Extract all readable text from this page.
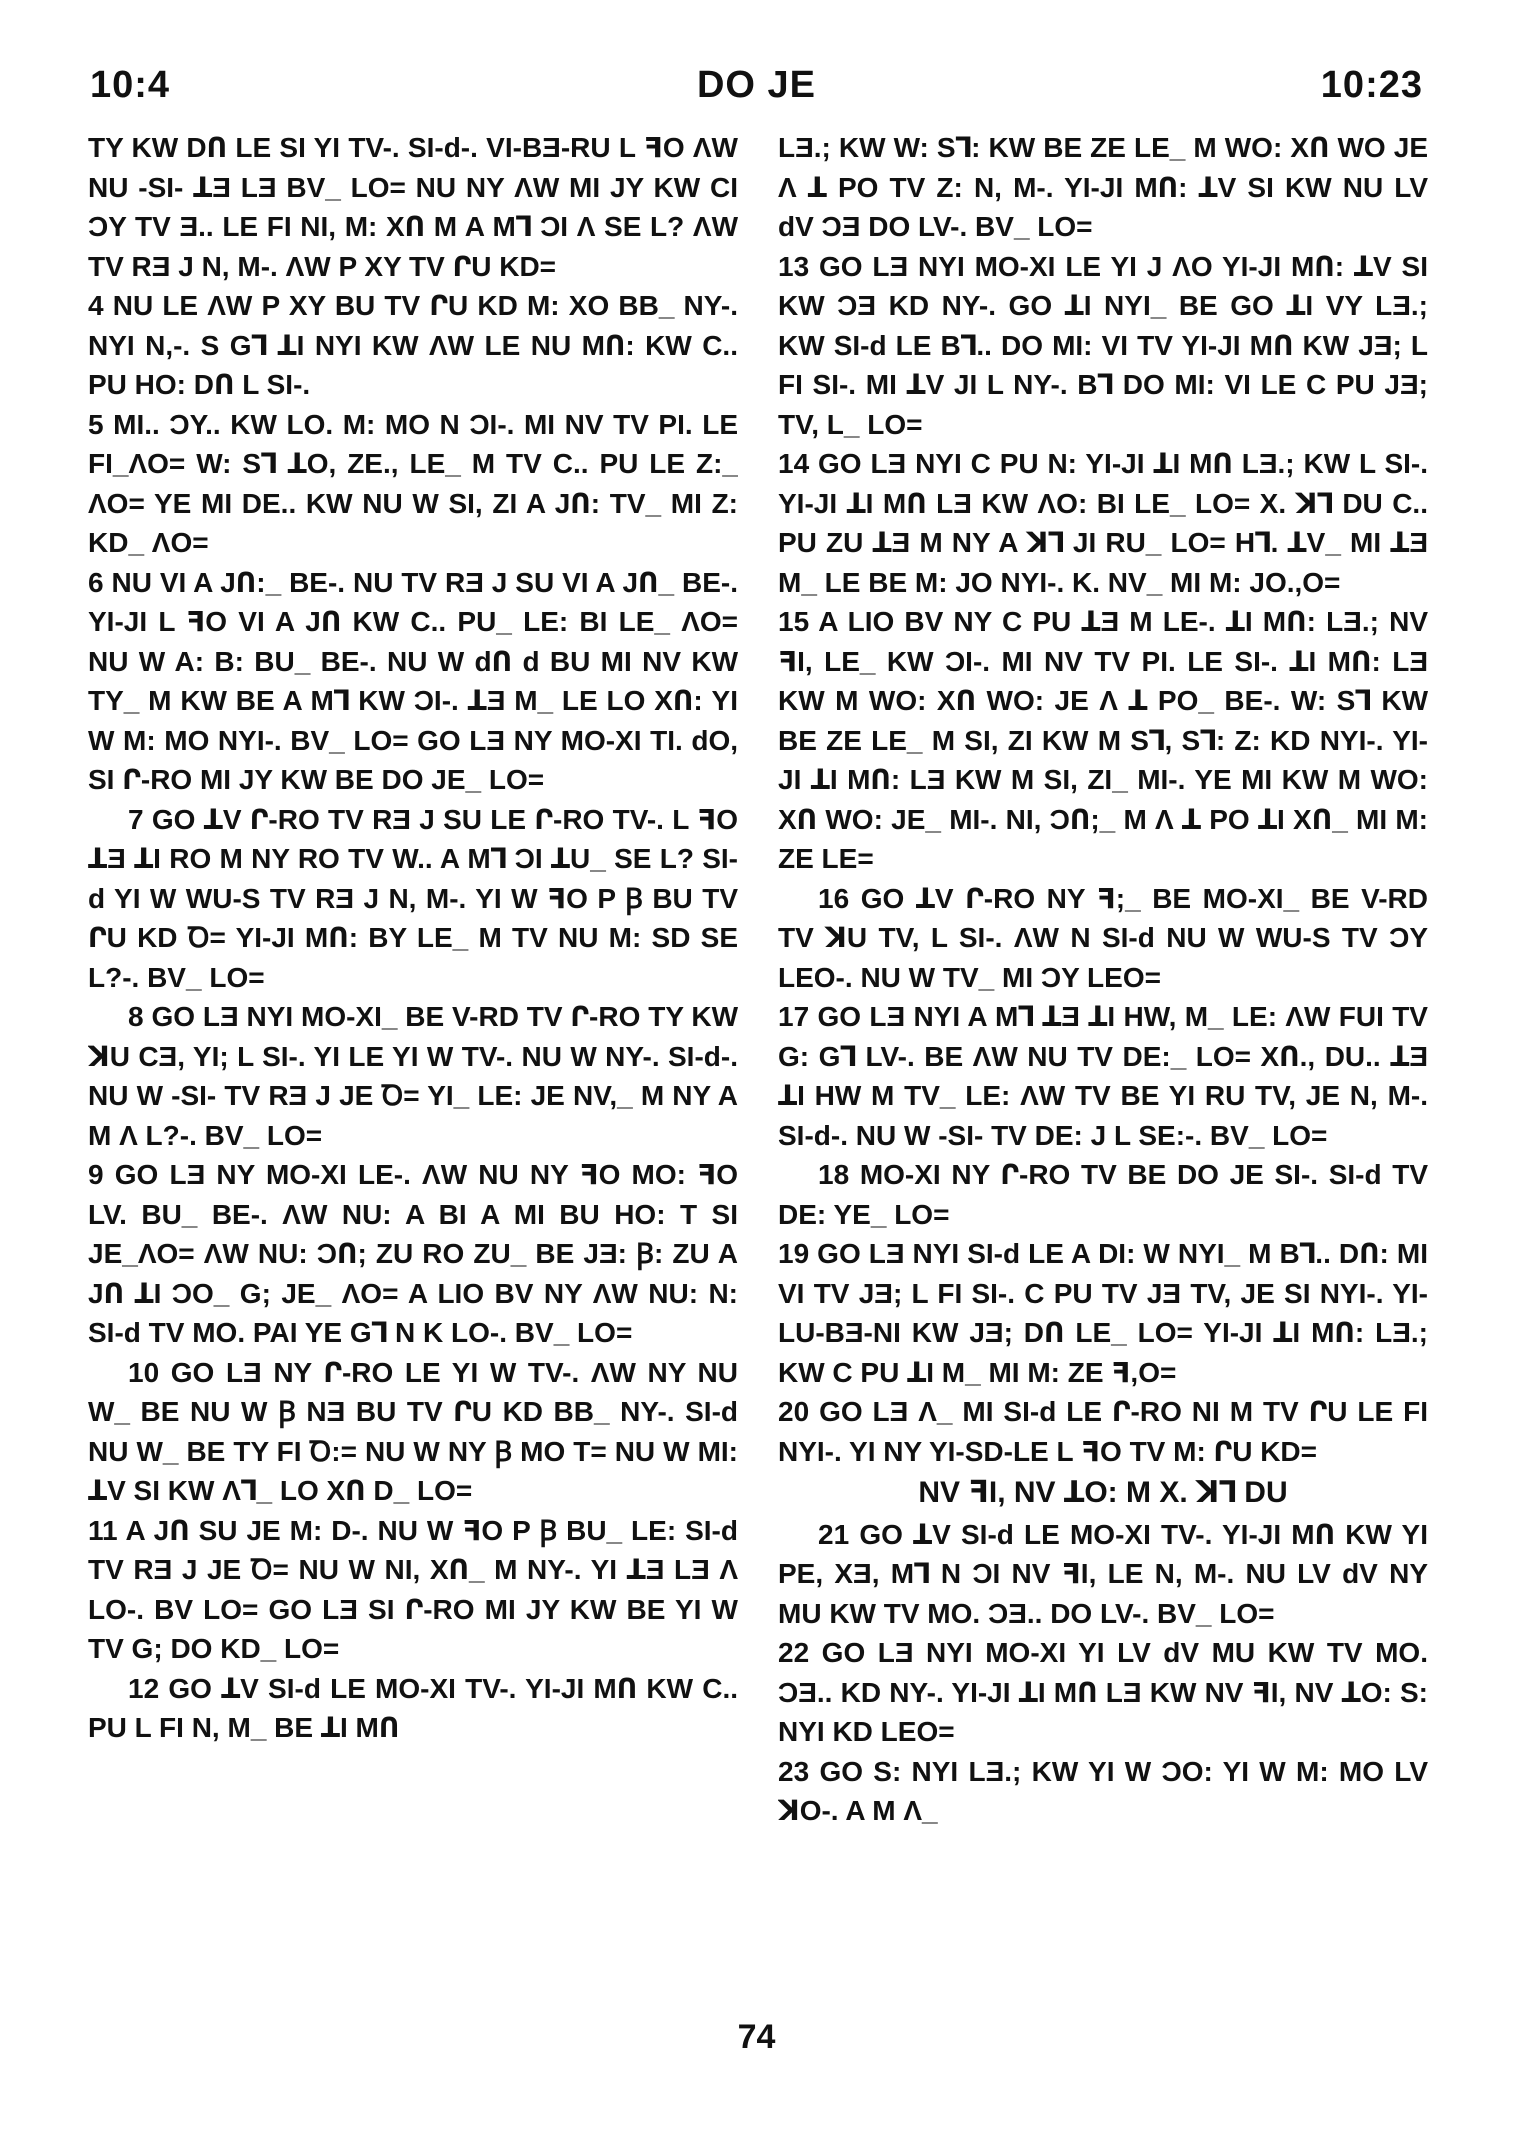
10:4	DO JE	10:23

TY KW DՈ LE SI YI TV-. SI-d-. VI-BƎ-RU L ꟻO ɅW NU -SI- ꓕƎ LƎ BV_ LO= NU NY ɅW MI JY KW CI ƆY TV Ǝ.. LE FI NI, M: XՈ M A Mꓶ ƆI Ʌ SE L? ɅW TV RƎ J N, M-. ɅW P XY TV ՐU KD=

4 NU LE ɅW P XY BU TV ՐU KD M: XO BB_ NY-. NYI N,-. S Gꓶ ꓕI NYI KW ɅW LE NU MՈ: KW C.. PU HO: DՈ L SI-.

5 MI.. ƆY.. KW LO. M: MO N ƆI-. MI NV TV PI. LE FI_ɅO= W: Sꓶ ꓕO, ZE., LE_ M TV C.. PU LE Z:_ ɅO= YE MI DE.. KW NU W SI, ZI A JՈ: TV_ MI Z: KD_ ɅO=

6 NU VI A JՈ:_ BE-. NU TV RƎ J SU VI A JՈ_ BE-. YI-JI L ꟻO VI A JՈ KW C.. PU_ LE: BI LE_ ɅO= NU W A: B: BU_ BE-. NU W dՈ d BU MI NV KW TY_ M KW BE A Mꓶ KW ƆI-. ꓕƎ M_ LE LO XՈ: YI W M: MO NYI-. BV_ LO= GO LƎ NY MO-XI TI. dO, SI Ր-RO MI JY KW BE DO JE_ LO=

7 GO ꓕV Ր-RO TV RƎ J SU LE Ր-RO TV-. L ꟻO ꓕƎ ꓕI RO M NY RO TV W.. A Mꓶ ƆI ꓕU_ SE L? SI-d YI W WU-S TV RƎ J N, M-. YI W ꟻO P Ꞵ BU TV ՐU KD Ꝺ= YI-JI MՈ: BY LE_ M TV NU M: SD SE L?-. BV_ LO=

8 GO LƎ NYI MO-XI_ BE V-RD TV Ր-RO TY KW ꓘU CƎ, YI; L SI-. YI LE YI W TV-. NU W NY-. SI-d-. NU W -SI- TV RƎ J JE Ꝺ= YI_ LE: JE NV,_ M NY A M Ʌ L?-. BV_ LO=

9 GO LƎ NY MO-XI LE-. ɅW NU NY ꟻO MO: ꟻO LV. BU_ BE-. ɅW NU: A BI A MI BU HO: T SI JE_ɅO= ɅW NU: ƆՈ; ZU RO ZU_ BE JƎ: Ꞵ: ZU A JՈ ꓕI ƆO_ G; JE_ ɅO= A LIO BV NY ɅW NU: N: SI-d TV MO. PAI YE Gꓶ N K LO-. BV_ LO=

10 GO LƎ NY Ր-RO LE YI W TV-. ɅW NY NU W_ BE NU W Ꞵ NƎ BU TV ՐU KD BB_ NY-. SI-d NU W_ BE TY FI Ꝺ:= NU W NY Ꞵ MO T= NU W MI: ꓕV SI KW Ʌꓶ_ LO XՈ D_ LO=

11 A JՈ SU JE M: D-. NU W ꟻO P Ꞵ BU_ LE: SI-d TV RƎ J JE Ꝺ= NU W NI, XՈ_ M NY-. YI ꓕƎ LƎ Ʌ LO-. BV LO= GO LƎ SI Ր-RO MI JY KW BE YI W TV G; DO KD_ LO=

12 GO ꓕV SI-d LE MO-XI TV-. YI-JI MՈ KW C.. PU L FI N, M_ BE ꓕI MՈ

LƎ.; KW W: Sꓶ: KW BE ZE LE_ M WO: XՈ WO JE Ʌ ꓕ PO TV Z: N, M-. YI-JI MՈ: ꓕV SI KW NU LV dV ƆƎ DO LV-. BV_ LO=

13 GO LƎ NYI MO-XI LE YI J ɅO YI-JI MՈ: ꓕV SI KW ƆƎ KD NY-. GO ꓕI NYI_ BE GO ꓕI VY LƎ.; KW SI-d LE Bꓶ.. DO MI: VI TV YI-JI MՈ KW JƎ; L FI SI-. MI ꓕV JI L NY-. Bꓶ DO MI: VI LE C PU JƎ; TV, L_ LO=

14 GO LƎ NYI C PU N: YI-JI ꓕI MՈ LƎ.; KW L SI-. YI-JI ꓕI MՈ LƎ KW ɅO: BI LE_ LO= X. ꓘꓶ DU C.. PU ZU ꓕƎ M NY A ꓘꓶ JI RU_ LO= Hꓶ. ꓕV_ MI ꓕƎ M_ LE BE M: JO NYI-. K. NV_ MI M: JO.,O=

15 A LIO BV NY C PU ꓕƎ M LE-. ꓕI MՈ: LƎ.; NV ꟻI, LE_ KW ƆI-. MI NV TV PI. LE SI-. ꓕI MՈ: LƎ KW M WO: XՈ WO: JE Ʌ ꓕ PO_ BE-. W: Sꓶ KW BE ZE LE_ M SI, ZI KW M Sꓶ, Sꓶ: Z: KD NYI-. YI-JI ꓕI MՈ: LƎ KW M SI, ZI_ MI-. YE MI KW M WO: XՈ WO: JE_ MI-. NI, ƆՈ;_ M Ʌ ꓕ PO ꓕI XՈ_ MI M: ZE LE=

16 GO ꓕV Ր-RO NY ꟻ;_ BE MO-XI_ BE V-RD TV ꓘU TV, L SI-. ɅW N SI-d NU W WU-S TV ƆY LEO-. NU W TV_ MI ƆY LEO=

17 GO LƎ NYI A Mꓶ ꓕƎ ꓕI HW, M_ LE: ɅW FUI TV G: Gꓶ LV-. BE ɅW NU TV DE:_ LO= XՈ., DU.. ꓕƎ ꓕI HW M TV_ LE: ɅW TV BE YI RU TV, JE N, M-. SI-d-. NU W -SI- TV DE: J L SE:-. BV_ LO=

18 MO-XI NY Ր-RO TV BE DO JE SI-. SI-d TV DE: YE_ LO=

19 GO LƎ NYI SI-d LE A DI: W NYI_ M Bꓶ.. DՈ: MI VI TV JƎ; L FI SI-. C PU TV JƎ TV, JE SI NYI-. YI-LU-BƎ-NI KW JƎ; DՈ LE_ LO= YI-JI ꓕI MՈ: LƎ.; KW C PU ꓕI M_ MI M: ZE ꟻ,O=

20 GO LƎ Ʌ_ MI SI-d LE Ր-RO NI M TV ՐU LE FI NYI-. YI NY YI-SD-LE L ꟻO TV M: ՐU KD=

NV ꟻI, NV ꓕO: M X. ꓘꓶ DU

21 GO ꓕV SI-d LE MO-XI TV-. YI-JI MՈ KW YI PE, XƎ, Mꓶ N ƆI NV ꟻI, LE N, M-. NU LV dV NY MU KW TV MO. ƆƎ.. DO LV-. BV_ LO=

22 GO LƎ NYI MO-XI YI LV dV MU KW TV MO. ƆƎ.. KD NY-. YI-JI ꓕI MՈ LƎ KW NV ꟻI, NV ꓕO: S: NYI KD LEO=

23 GO S: NYI LƎ.; KW YI W ƆO: YI W M: MO LV ꓘO-. A M Ʌ_

74
